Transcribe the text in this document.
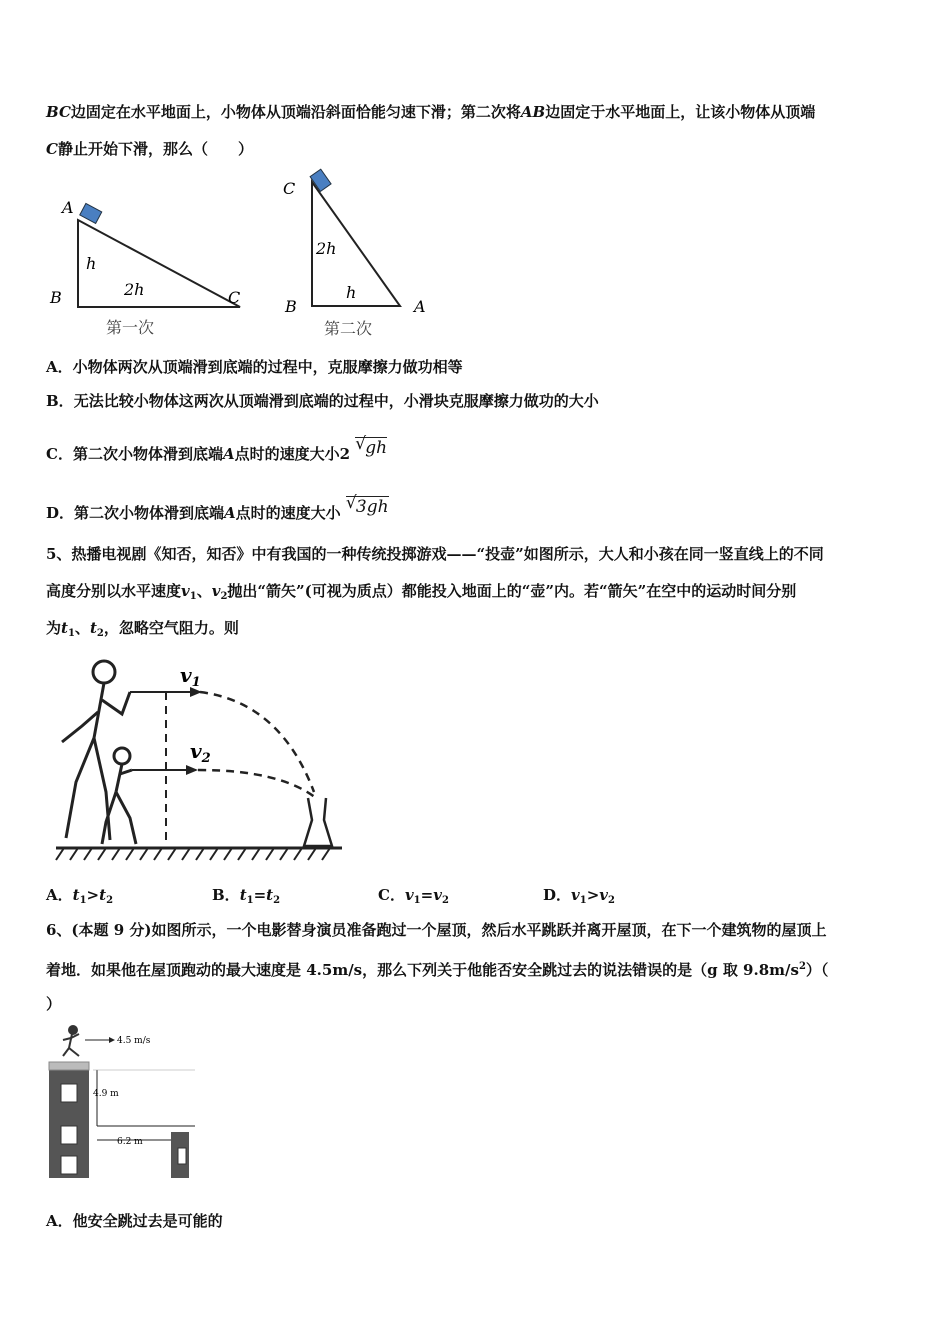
BC边固定在水平地面上，小物体从顶端沿斜面恰能匀速下滑；第二次将AB边固定于水平地面上，让该小物体从顶端
C静止开始下滑，那么（　　）
A
B	C
h
2h
第一次
C
B	A
2h
h
第二次
A．小物体两次从顶端滑到底端的过程中，克服摩擦力做功相等
B．无法比较小物体这两次从顶端滑到底端的过程中，小滑块克服摩擦力做功的大小
C．第二次小物体滑到底端A点时的速度大小2 √ gh
D．第二次小物体滑到底端A点时的速度大小 √ 3gh
5、热播电视剧《知否，知否》中有我国的一种传统投掷游戏——“投壶”如图所示，大人和小孩在同一竖直线上的不同
高度分别以水平速度$v_1$、$v_2$抛出“箭矢”(可视为质点）都能投入地面上的“壶”内。若“箭矢”在空中的运动时间分别
为$t_1$、$t_2$，忽略空气阻力。则
$v_1$
$v_2$
A．$t_1>t_2$	B．$t_1=t_2$	C．$v_1=v_2$	D．$v_1>v_2$
6、(本题 9 分)如图所示，一个电影替身演员准备跑过一个屋顶，然后水平跳跃并离开屋顶，在下一个建筑物的屋顶上
着地．如果他在屋顶跑动的最大速度是 4.5m/s，那么下列关于他能否安全跳过去的说法错误的是（g 取 $9.8m/s^2$）（
）
4.5 m/s
4.9 m
6.2 m
A．他安全跳过去是可能的
